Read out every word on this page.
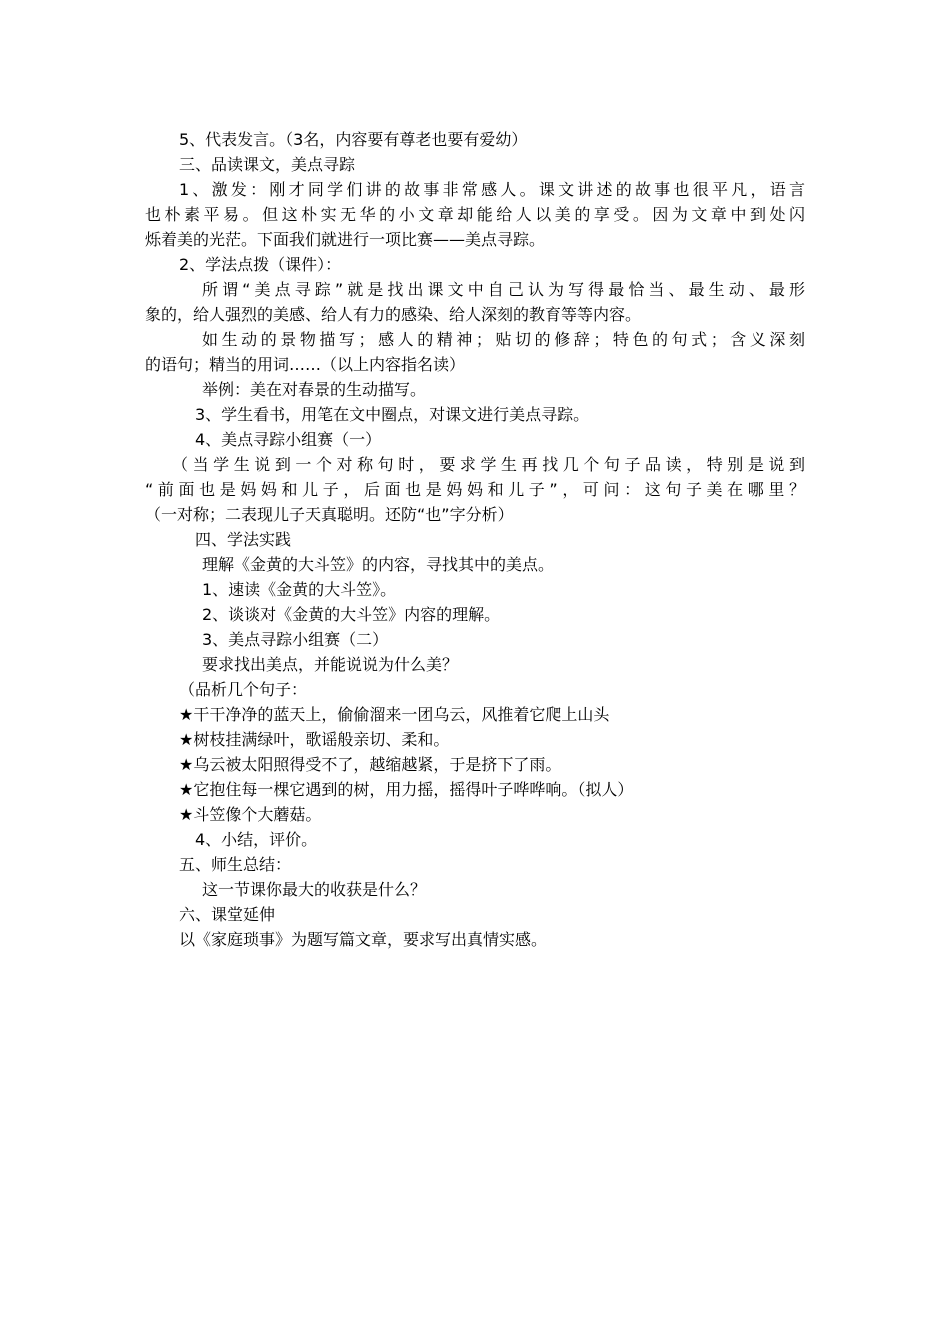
5、代表发言。（3名，内容要有尊老也要有爱幼）
三、品读课文，美点寻踪
1、激发：刚才同学们讲的故事非常感人。课文讲述的故事也很平凡，语言
也朴素平易。但这朴实无华的小文章却能给人以美的享受。因为文章中到处闪
烁着美的光茫。下面我们就进行一项比赛——美点寻踪。
2、学法点拨（课件）：
所谓“美点寻踪”就是找出课文中自己认为写得最恰当、最生动、最形
象的，给人强烈的美感、给人有力的感染、给人深刻的教育等等内容。
如生动的景物描写；感人的精神；贴切的修辞；特色的句式；含义深刻
的语句；精当的用词……（以上内容指名读）
举例：美在对春景的生动描写。
3、学生看书，用笔在文中圈点，对课文进行美点寻踪。
4、美点寻踪小组赛（一）
（当学生说到一个对称句时，要求学生再找几个句子品读，特别是说到
“前面也是妈妈和儿子，后面也是妈妈和儿子”，可问：这句子美在哪里？
（一对称；二表现儿子天真聪明。还防“也”字分析）
四、学法实践
理解《金黄的大斗笠》的内容，寻找其中的美点。
1、速读《金黄的大斗笠》。
2、谈谈对《金黄的大斗笠》内容的理解。
3、美点寻踪小组赛（二）
要求找出美点，并能说说为什么美？
（品析几个句子：
★干干净净的蓝天上，偷偷溜来一团乌云，风推着它爬上山头
★树枝挂满绿叶，歌谣般亲切、柔和。
★乌云被太阳照得受不了，越缩越紧，于是挤下了雨。
★它抱住每一棵它遇到的树，用力摇，摇得叶子哗哗响。（拟人）
★斗笠像个大蘑菇。
4、小结，评价。
五、师生总结：
这一节课你最大的收获是什么？
六、课堂延伸
以《家庭琐事》为题写篇文章，要求写出真情实感。
